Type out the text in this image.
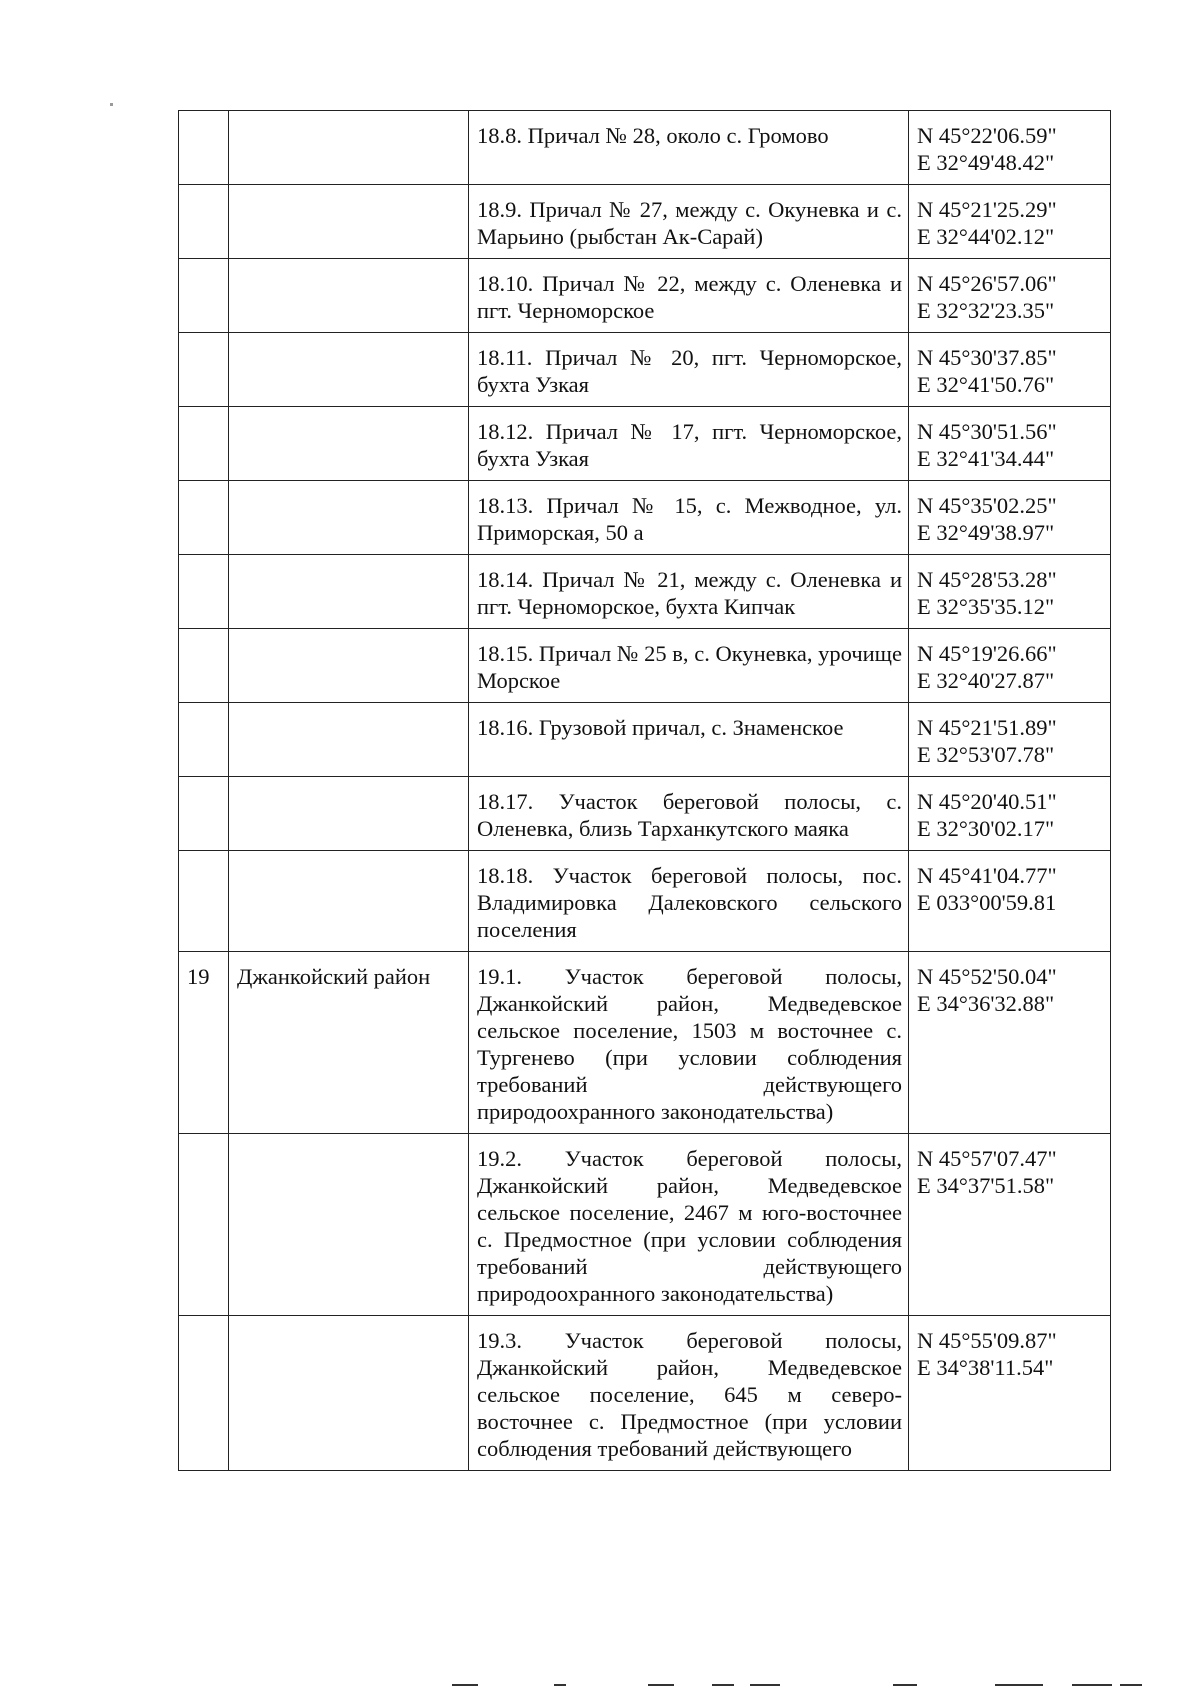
		18.8. Причал № 28, около с. Громово	N 45°22'06.59"
E 32°49'48.42"

		18.9. Причал № 27, между с. Окуневка и с. Марьино (рыбстан Ак-Сарай)	N 45°21'25.29"
E 32°44'02.12"

		18.10. Причал № 22, между с. Оленевка и пгт. Черноморское	N 45°26'57.06"
E 32°32'23.35"

		18.11. Причал № 20, пгт. Черноморское, бухта Узкая	N 45°30'37.85"
E 32°41'50.76"

		18.12. Причал № 17, пгт. Черноморское, бухта Узкая	N 45°30'51.56"
E 32°41'34.44"

		18.13. Причал № 15, с. Межводное, ул. Приморская, 50 а	N 45°35'02.25"
E 32°49'38.97"

		18.14. Причал № 21, между с. Оленевка и пгт. Черноморское, бухта Кипчак	N 45°28'53.28"
E 32°35'35.12"

		18.15. Причал № 25 в, с. Окуневка, урочище Морское	N 45°19'26.66"
E 32°40'27.87"

		18.16. Грузовой причал, с. Знаменское	N 45°21'51.89"
E 32°53'07.78"

		18.17. Участок береговой полосы, с. Оленевка, близь Тарханкутского маяка	N 45°20'40.51"
E 32°30'02.17"

		18.18. Участок береговой полосы, пос. Владимировка Далековского сельского поселения	N 45°41'04.77"
E 033°00'59.81

19	Джанкойский район	19.1. Участок береговой полосы, Джанкойский район, Медведевское сельское поселение, 1503 м восточнее с. Тургенево (при условии соблюдения требований действующего природоохранного законодательства)	N 45°52'50.04"
E 34°36'32.88"

		19.2. Участок береговой полосы, Джанкойский район, Медведевское сельское поселение, 2467 м юго-восточнее с. Предмостное (при условии соблюдения требований действующего природоохранного законодательства)	N 45°57'07.47"
E 34°37'51.58"

		19.3. Участок береговой полосы, Джанкойский район, Медведевское сельское поселение, 645 м северо-восточнее с. Предмостное (при условии соблюдения требований действующего	N 45°55'09.87"
E 34°38'11.54"
